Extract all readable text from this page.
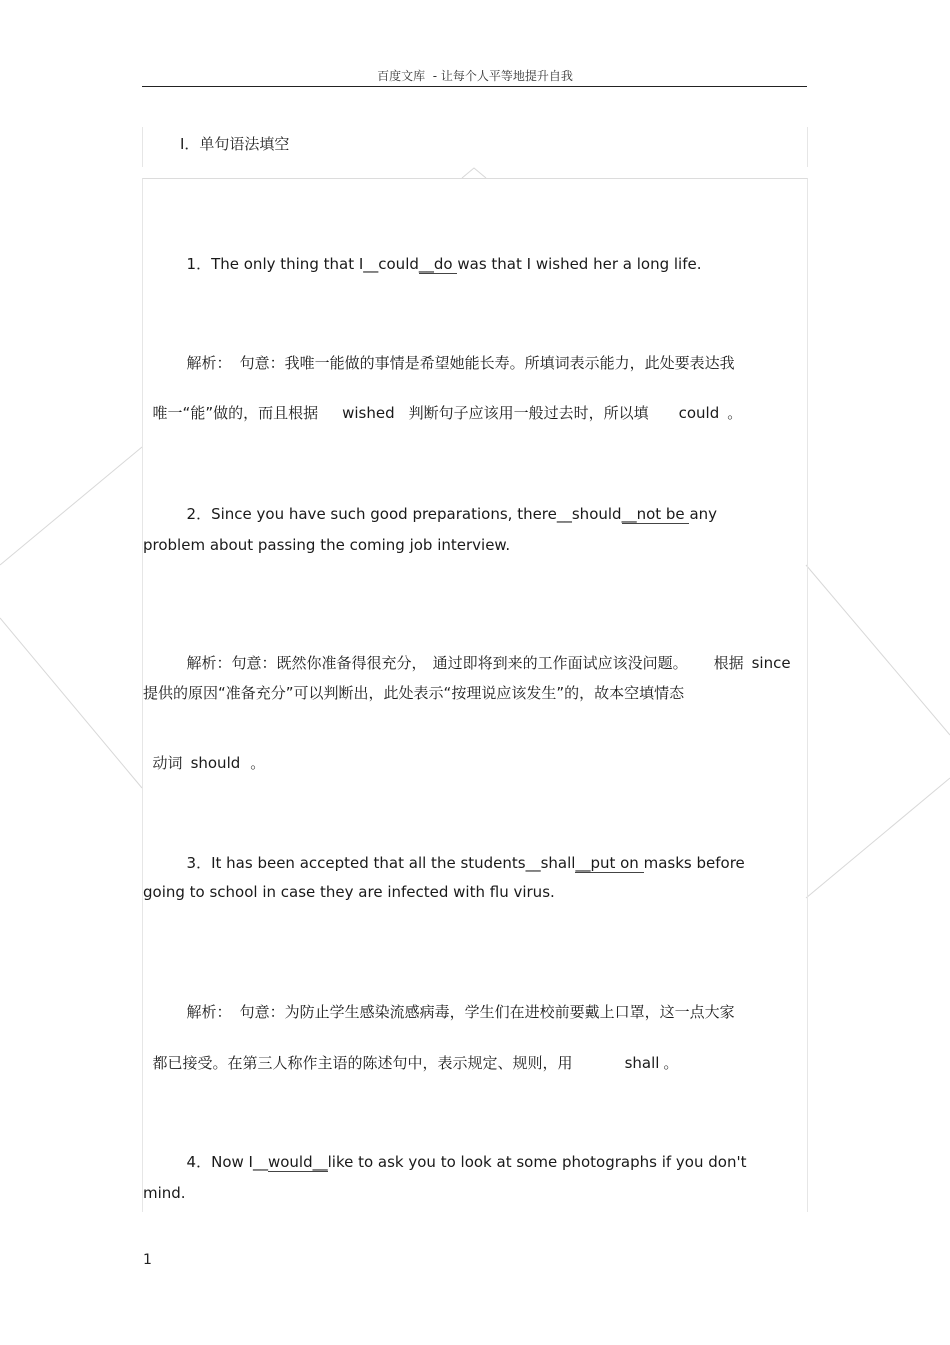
百度文库  - 让每个人平等地提升自我
Ⅰ．单句语法填空

1．The only thing that I__could__do was that I wished her a long life.

解析： 句意：我唯一能做的事情是希望她能长寿。所填词表示能力，此处要表达我

唯一“能”做的，而且根据 wished 判断句子应该用一般过去时，所以填 could 。

2．Since you have such good preparations, there__should__not be any

problem about passing the coming job interview.

解析：句意：既然你准备得很充分， 通过即将到来的工作面试应该没问题。 根据 since

提供的原因“准备充分”可以判断出，此处表示“按理说应该发生”的，故本空填情态

动词 should 。

3．It has been accepted that all the students__shall__put on masks before

going to school in case they are infected with flu virus.

解析： 句意：为防止学生感染流感病毒，学生们在进校前要戴上口罩，这一点大家

都已接受。在第三人称作主语的陈述句中，表示规定、规则，用	shall 。

4．Now I__would__like to ask you to look at some photographs if you don't

mind.
1
